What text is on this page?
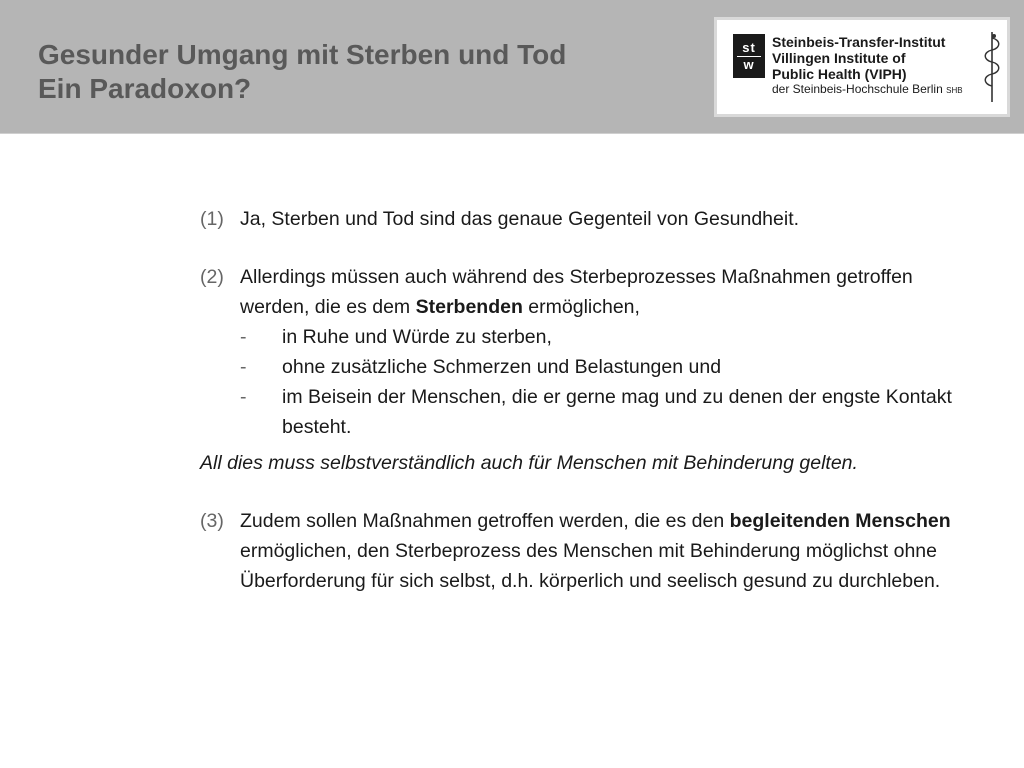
Gesunder Umgang mit Sterben und Tod
Ein Paradoxon?
st
w
Steinbeis-Transfer-Institut
Villingen Institute of
Public Health (VIPH)
der Steinbeis-Hochschule Berlin SHB
(1) Ja, Sterben und Tod sind das genaue Gegenteil von Gesundheit.
(2) Allerdings müssen auch während des Sterbeprozesses Maßnahmen getroffen werden, die es dem Sterbenden ermöglichen,
-	in Ruhe und Würde zu sterben,
-	ohne zusätzliche Schmerzen und Belastungen und
-	im Beisein der Menschen, die er gerne mag und zu denen der engste Kontakt besteht.
All dies muss selbstverständlich auch für Menschen mit Behinderung gelten.
(3) Zudem sollen Maßnahmen getroffen werden, die es den begleitenden Menschen ermöglichen, den Sterbeprozess des Menschen mit Behinderung möglichst ohne Überforderung für sich selbst, d.h. körperlich und seelisch gesund zu durchleben.
